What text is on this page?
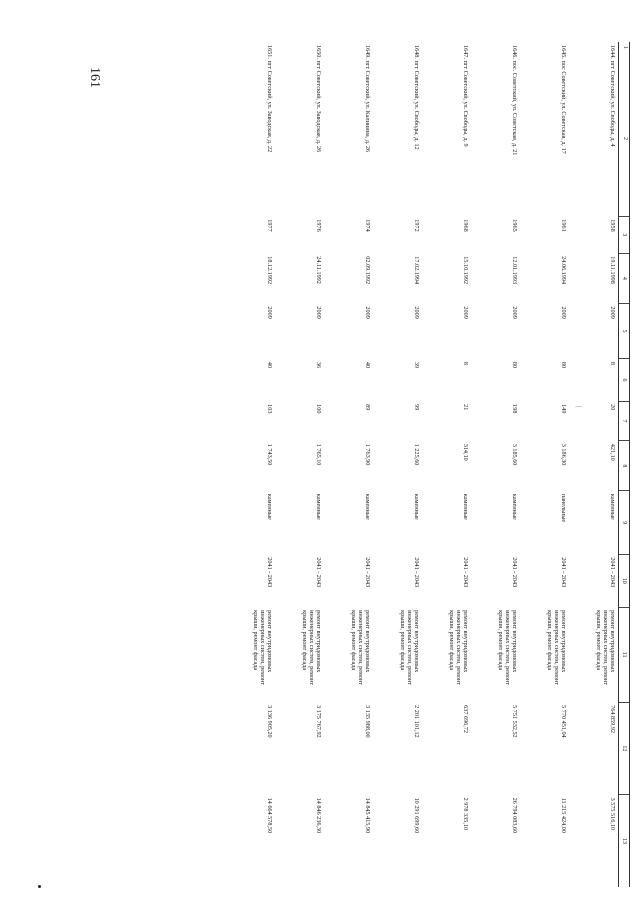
161
1
2	3	4	5	6	7	8	9	10	11	12	13
1644. пгт Советский, ул. Свободы, д. 4	1958	19.11.1998	2009	8	20	421,10	каменные	2041 - 2043	ремонт внутридомовых инженерных систем, ремонт крыши, ремонт фасада	764 859,92	3 575 516,10
1645. пос Советский, ул. Советская, д. 17	1961	24.06.1994	2009	80	149	3 186,30	панельные	2041 - 2043	ремонт внутридомовых инженерных систем, ремонт крыши, ремонт фасада	5 770 451,04	11 215 424,00
1646. пос. Советский, ул. Советская, д. 21	1965	12.01.1993	2009	80	198	3 185,60	каменные	2041 - 2043	ремонт внутридомовых инженерных систем, ремонт крыши, ремонт фасада	5 751 532,52	26 794 083,60
1647. пгт Советский, ул. Свободы, д. 9	1968	15.10.1992	2009	8	21	314,10	каменные	2041 - 2043	ремонт внутридомовых инженерных систем, ремонт крыши, ремонт фасада	637 696,72	2 978 335,10
1648. пгт Советский, ул. Свободы, д. 12	1972	17.02.1994	2009	39	99	1 225,60	каменные	2041 - 2043	ремонт внутридомовых инженерных систем, ремонт крыши, ремонт фасада	2 201 101,12	10 291 699,60
1649. пгт Советский, ул. Калинина, д. 26	1974	02.09.1992	2009	40	89	1 763,90	каменные	2041 - 2043	ремонт внутридомовых инженерных систем, ремонт крыши, ремонт фасада	3 135 988,00	14 845 415,90
1650. пгт Советский, ул. Заводская, д. 26	1976	24.11.1992	2009	36	100	1 765,10	каменные	2041 - 2043	ремонт внутридомовых инженерных систем, ремонт крыши, ремонт фасада	3 175 767,92	14 846 236,30
1651. пгт Советский, ул. Заводская, д. 22	1977	18.12.1992	2009	40	103	1 743,50	каменные	2041 - 2043	ремонт внутридомовых инженерных систем, ремонт крыши, ремонт фасада	3 136 905,20	14 664 578,50
⌒
